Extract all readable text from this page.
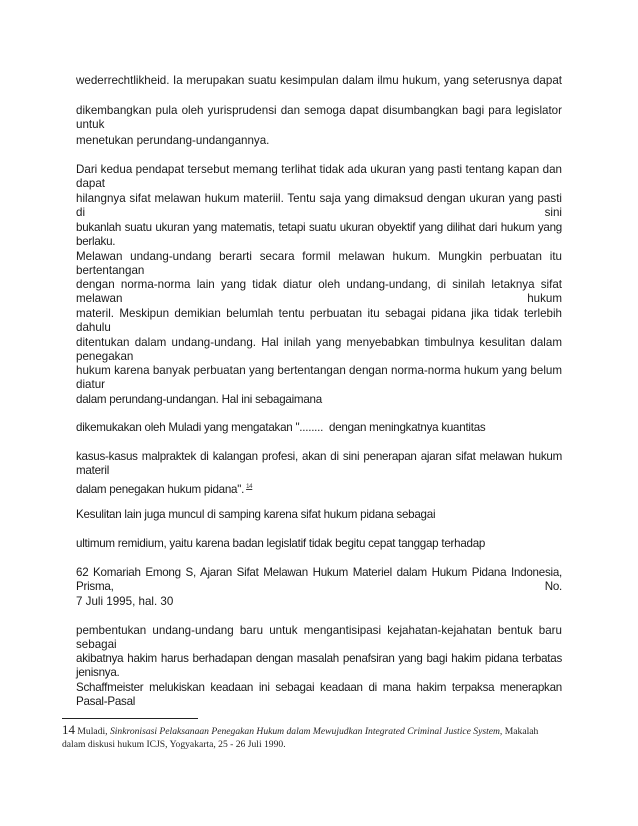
wederrechtlikheid. Ia merupakan suatu kesimpulan dalam ilmu hukum, yang seterusnya dapat
dikembangkan pula oleh yurisprudensi dan semoga dapat disumbangkan bagi para legislator untuk
menetukan perundang-undangannya.
Dari kedua pendapat tersebut memang terlihat tidak ada ukuran yang pasti tentang kapan dan dapat
hilangnya sifat melawan hukum materiil. Tentu saja yang dimaksud dengan ukuran yang pasti di sini
bukanlah suatu ukuran yang matematis, tetapi suatu ukuran obyektif yang dilihat dari hukum yang berlaku.
Melawan undang-undang berarti secara formil melawan hukum. Mungkin perbuatan itu bertentangan
dengan norma-norma lain yang tidak diatur oleh undang-undang, di sinilah letaknya sifat melawan hukum
materil. Meskipun demikian belumlah tentu perbuatan itu sebagai pidana jika tidak terlebih dahulu
ditentukan dalam undang-undang. Hal inilah yang menyebabkan timbulnya kesulitan dalam penegakan
hukum karena banyak perbuatan yang bertentangan dengan norma-norma hukum yang belum diatur
dalam perundang-undangan. Hal ini sebagaimana
dikemukakan oleh Muladi yang mengatakan "........ dengan meningkatnya kuantitas
kasus-kasus malpraktek di kalangan profesi, akan di sini penerapan ajaran sifat melawan hukum materil
dalam penegakan hukum pidana". $^{14}$
Kesulitan lain juga muncul di samping karena sifat hukum pidana sebagai
ultimum remidium, yaitu karena badan legislatif tidak begitu cepat tanggap terhadap
62 Komariah Emong S, Ajaran Sifat Melawan Hukum Materiel dalam Hukum Pidana Indonesia, Prisma, No.
7 Juli 1995, hal. 30
pembentukan undang-undang baru untuk mengantisipasi kejahatan-kejahatan bentuk baru sebagai
akibatnya hakim harus berhadapan dengan masalah penafsiran yang bagi hakim pidana terbatas jenisnya.
Schaffmeister melukiskan keadaan ini sebagai keadaan di mana hakim terpaksa menerapkan Pasal-Pasal
14 Muladi, Sinkronisasi Pelaksanaan Penegakan Hukum dalam Mewujudkan Integrated Criminal Justice System, Makalah
dalam diskusi hukum ICJS, Yogyakarta, 25 - 26 Juli 1990.
